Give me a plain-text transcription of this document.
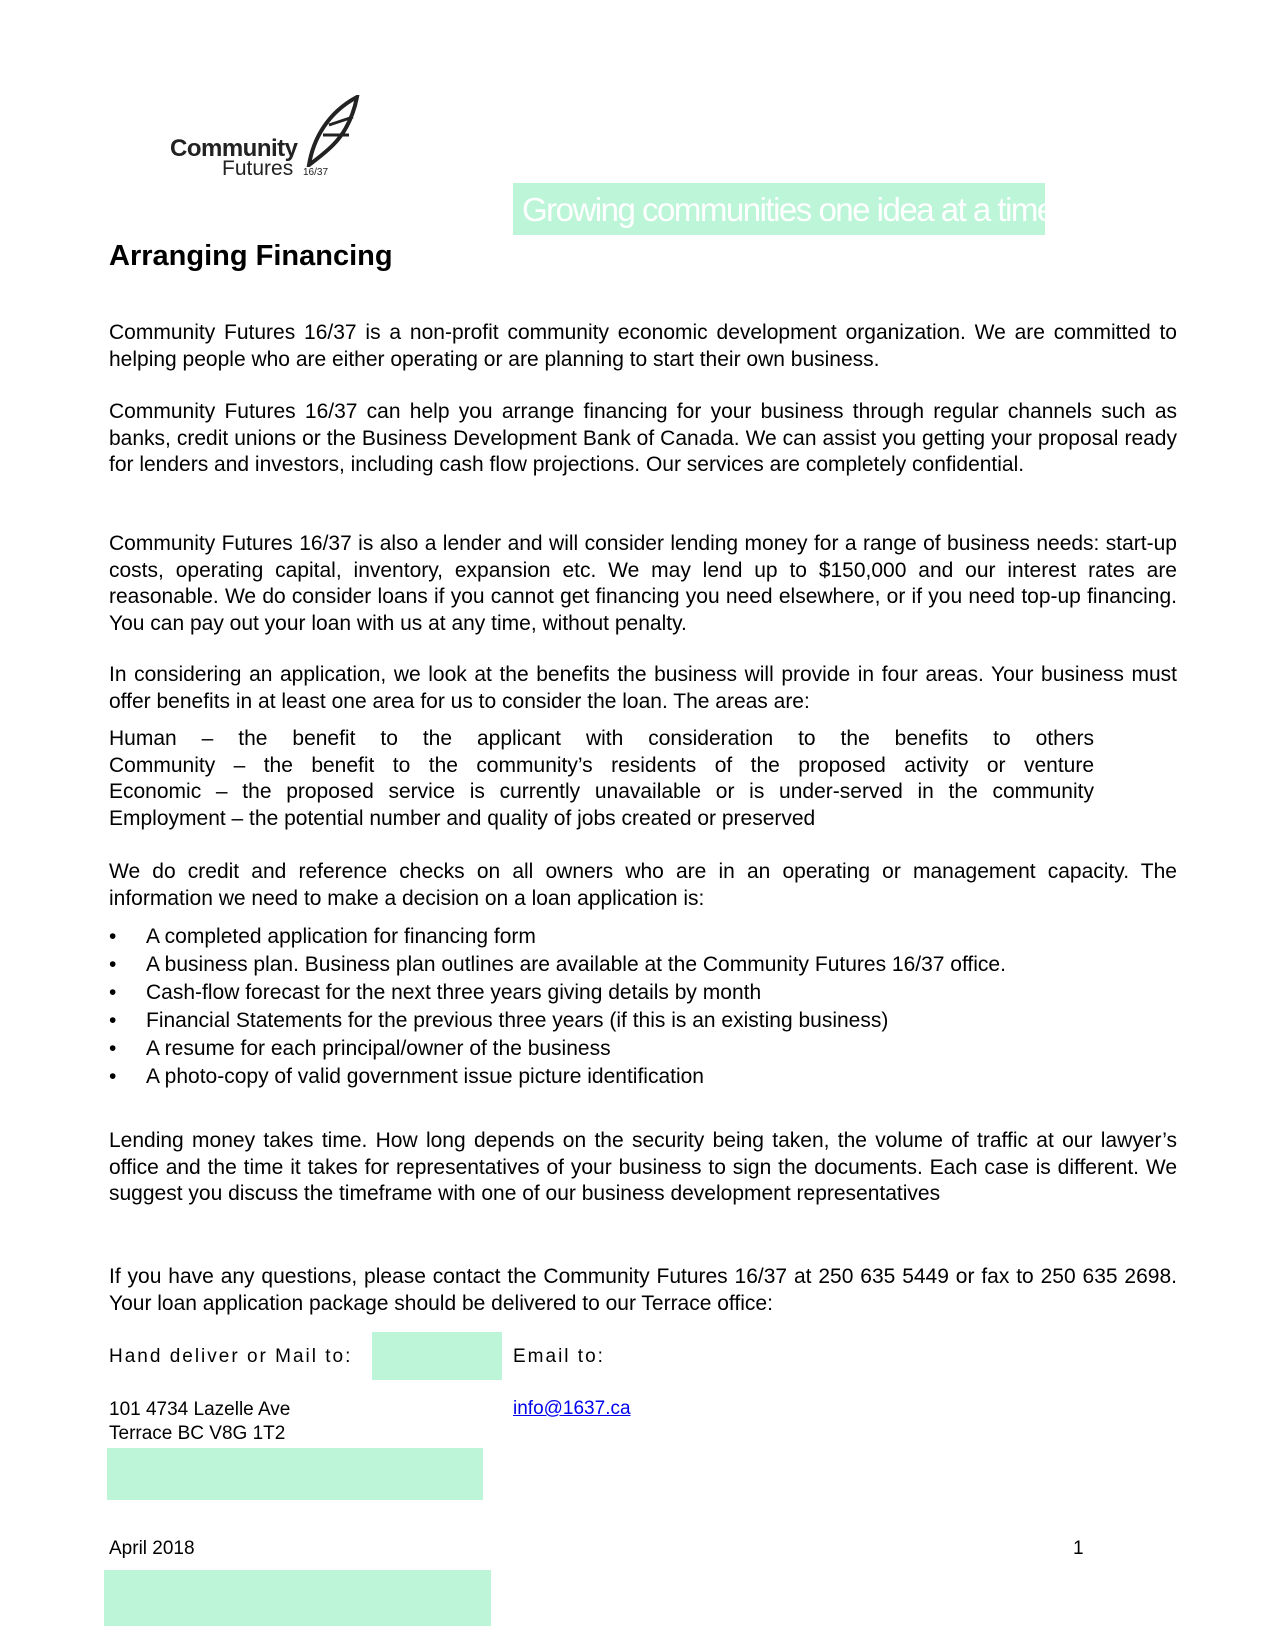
Community
Futures 16/37
Growing communities one idea at a time.
Arranging Financing

Community Futures 16/37 is a non-profit community economic development organization. We are committed to helping people who are either operating or are planning to start their own business.

Community Futures 16/37 can help you arrange financing for your business through regular channels such as banks, credit unions or the Business Development Bank of Canada. We can assist you getting your proposal ready for lenders and investors, including cash flow projections. Our services are completely confidential.

Community Futures 16/37 is also a lender and will consider lending money for a range of business needs: start-up costs, operating capital, inventory, expansion etc. We may lend up to $150,000 and our interest rates are reasonable. We do consider loans if you cannot get financing you need elsewhere, or if you need top-up financing. You can pay out your loan with us at any time, without penalty.

In considering an application, we look at the benefits the business will provide in four areas. Your business must offer benefits in at least one area for us to consider the loan. The areas are:

Human – the benefit to the applicant with consideration to the benefits to others
Community – the benefit to the community’s residents of the proposed activity or venture
Economic – the proposed service is currently unavailable or is under-served in the community
Employment – the potential number and quality of jobs created or preserved

We do credit and reference checks on all owners who are in an operating or management capacity. The information we need to make a decision on a loan application is:

• A completed application for financing form
• A business plan. Business plan outlines are available at the Community Futures 16/37 office.
• Cash-flow forecast for the next three years giving details by month
• Financial Statements for the previous three years (if this is an existing business)
• A resume for each principal/owner of the business
• A photo-copy of valid government issue picture identification

Lending money takes time. How long depends on the security being taken, the volume of traffic at our lawyer’s office and the time it takes for representatives of your business to sign the documents. Each case is different. We suggest you discuss the timeframe with one of our business development representatives

If you have any questions, please contact the Community Futures 16/37 at 250 635 5449 or fax to 250 635 2698. Your loan application package should be delivered to our Terrace office:

Hand deliver or Mail to:	Email to:
101 4734 Lazelle Ave
Terrace BC V8G 1T2
info@1637.ca
April 2018	1
